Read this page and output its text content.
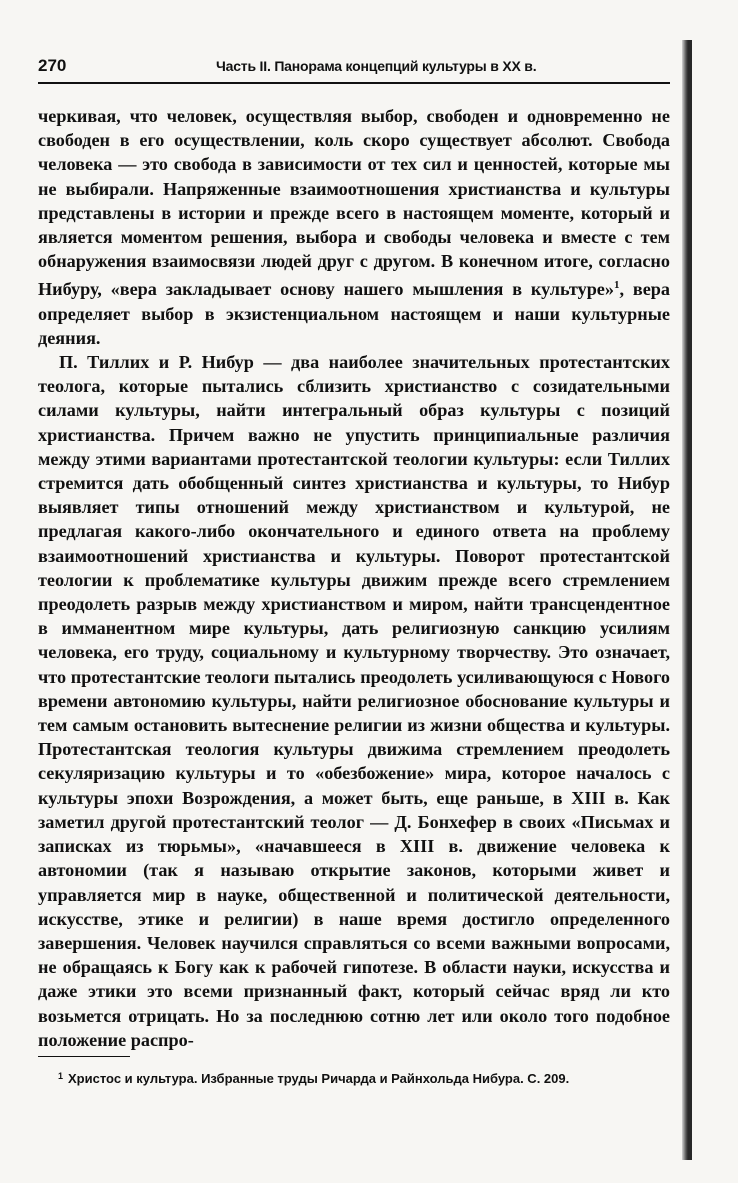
270	Часть II. Панорама концепций культуры в XX в.

черкивая, что человек, осуществляя выбор, свободен и одновременно не свободен в его осуществлении, коль скоро существует абсолют. Свобода человека — это свобода в зависимости от тех сил и ценностей, которые мы не выбирали. Напряженные взаимоотношения христианства и культуры представлены в истории и прежде всего в настоящем моменте, который и является моментом решения, выбора и свободы человека и вместе с тем обнаружения взаимосвязи людей друг с другом. В конечном итоге, согласно Нибуру, «вера закладывает основу нашего мышления в культуре»$^1$, вера определяет выбор в экзистенциальном настоящем и наши культурные деяния.

П. Тиллих и Р. Нибур — два наиболее значительных протестантских теолога, которые пытались сблизить христианство с созидательными силами культуры, найти интегральный образ культуры с позиций христианства. Причем важно не упустить принципиальные различия между этими вариантами протестантской теологии культуры: если Тиллих стремится дать обобщенный синтез христианства и культуры, то Нибур выявляет типы отношений между христианством и культурой, не предлагая какого-либо окончательного и единого ответа на проблему взаимоотношений христианства и культуры. Поворот протестантской теологии к проблематике культуры движим прежде всего стремлением преодолеть разрыв между христианством и миром, найти трансцендентное в имманентном мире культуры, дать религиозную санкцию усилиям человека, его труду, социальному и культурному творчеству. Это означает, что протестантские теологи пытались преодолеть усиливающуюся с Нового времени автономию культуры, найти религиозное обоснование культуры и тем самым остановить вытеснение религии из жизни общества и культуры. Протестантская теология культуры движима стремлением преодолеть секуляризацию культуры и то «обезбожение» мира, которое началось с культуры эпохи Возрождения, а может быть, еще раньше, в XIII в. Как заметил другой протестантский теолог — Д. Бонхефер в своих «Письмах и записках из тюрьмы», «начавшееся в XIII в. движение человека к автономии (так я называю открытие законов, которыми живет и управляется мир в науке, общественной и политической деятельности, искусстве, этике и религии) в наше время достигло определенного завершения. Человек научился справляться со всеми важными вопросами, не обращаясь к Богу как к рабочей гипотезе. В области науки, искусства и даже этики это всеми признанный факт, который сейчас вряд ли кто возьмется отрицать. Но за последнюю сотню лет или около того подобное положение распро-

$^1$ Христос и культура. Избранные труды Ричарда и Райнхольда Нибура. С. 209.
